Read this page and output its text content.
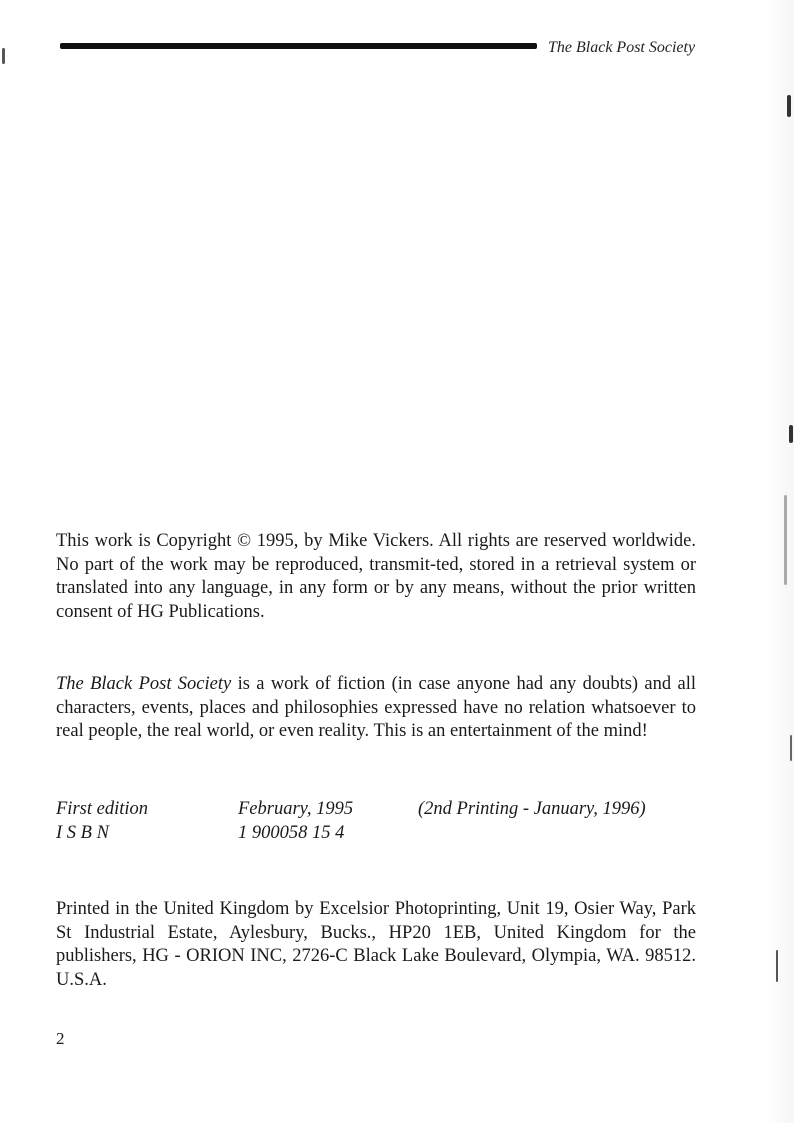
The Black Post Society

This work is Copyright © 1995, by Mike Vickers. All rights are reserved worldwide. No part of the work may be reproduced, transmit-ted, stored in a retrieval system or translated into any language, in any form or by any means, without the prior written consent of HG Publications.

The Black Post Society is a work of fiction (in case anyone had any doubts) and all characters, events, places and philosophies expressed have no relation whatsoever to real people, the real world, or even reality. This is an entertainment of the mind!

First edition	February, 1995	(2nd Printing - January, 1996)
I S B N	1 900058 15 4

Printed in the United Kingdom by Excelsior Photoprinting, Unit 19, Osier Way, Park St Industrial Estate, Aylesbury, Bucks., HP20 1EB, United Kingdom for the publishers, HG - ORION INC, 2726-C Black Lake Boulevard, Olympia, WA. 98512. U.S.A.

2
